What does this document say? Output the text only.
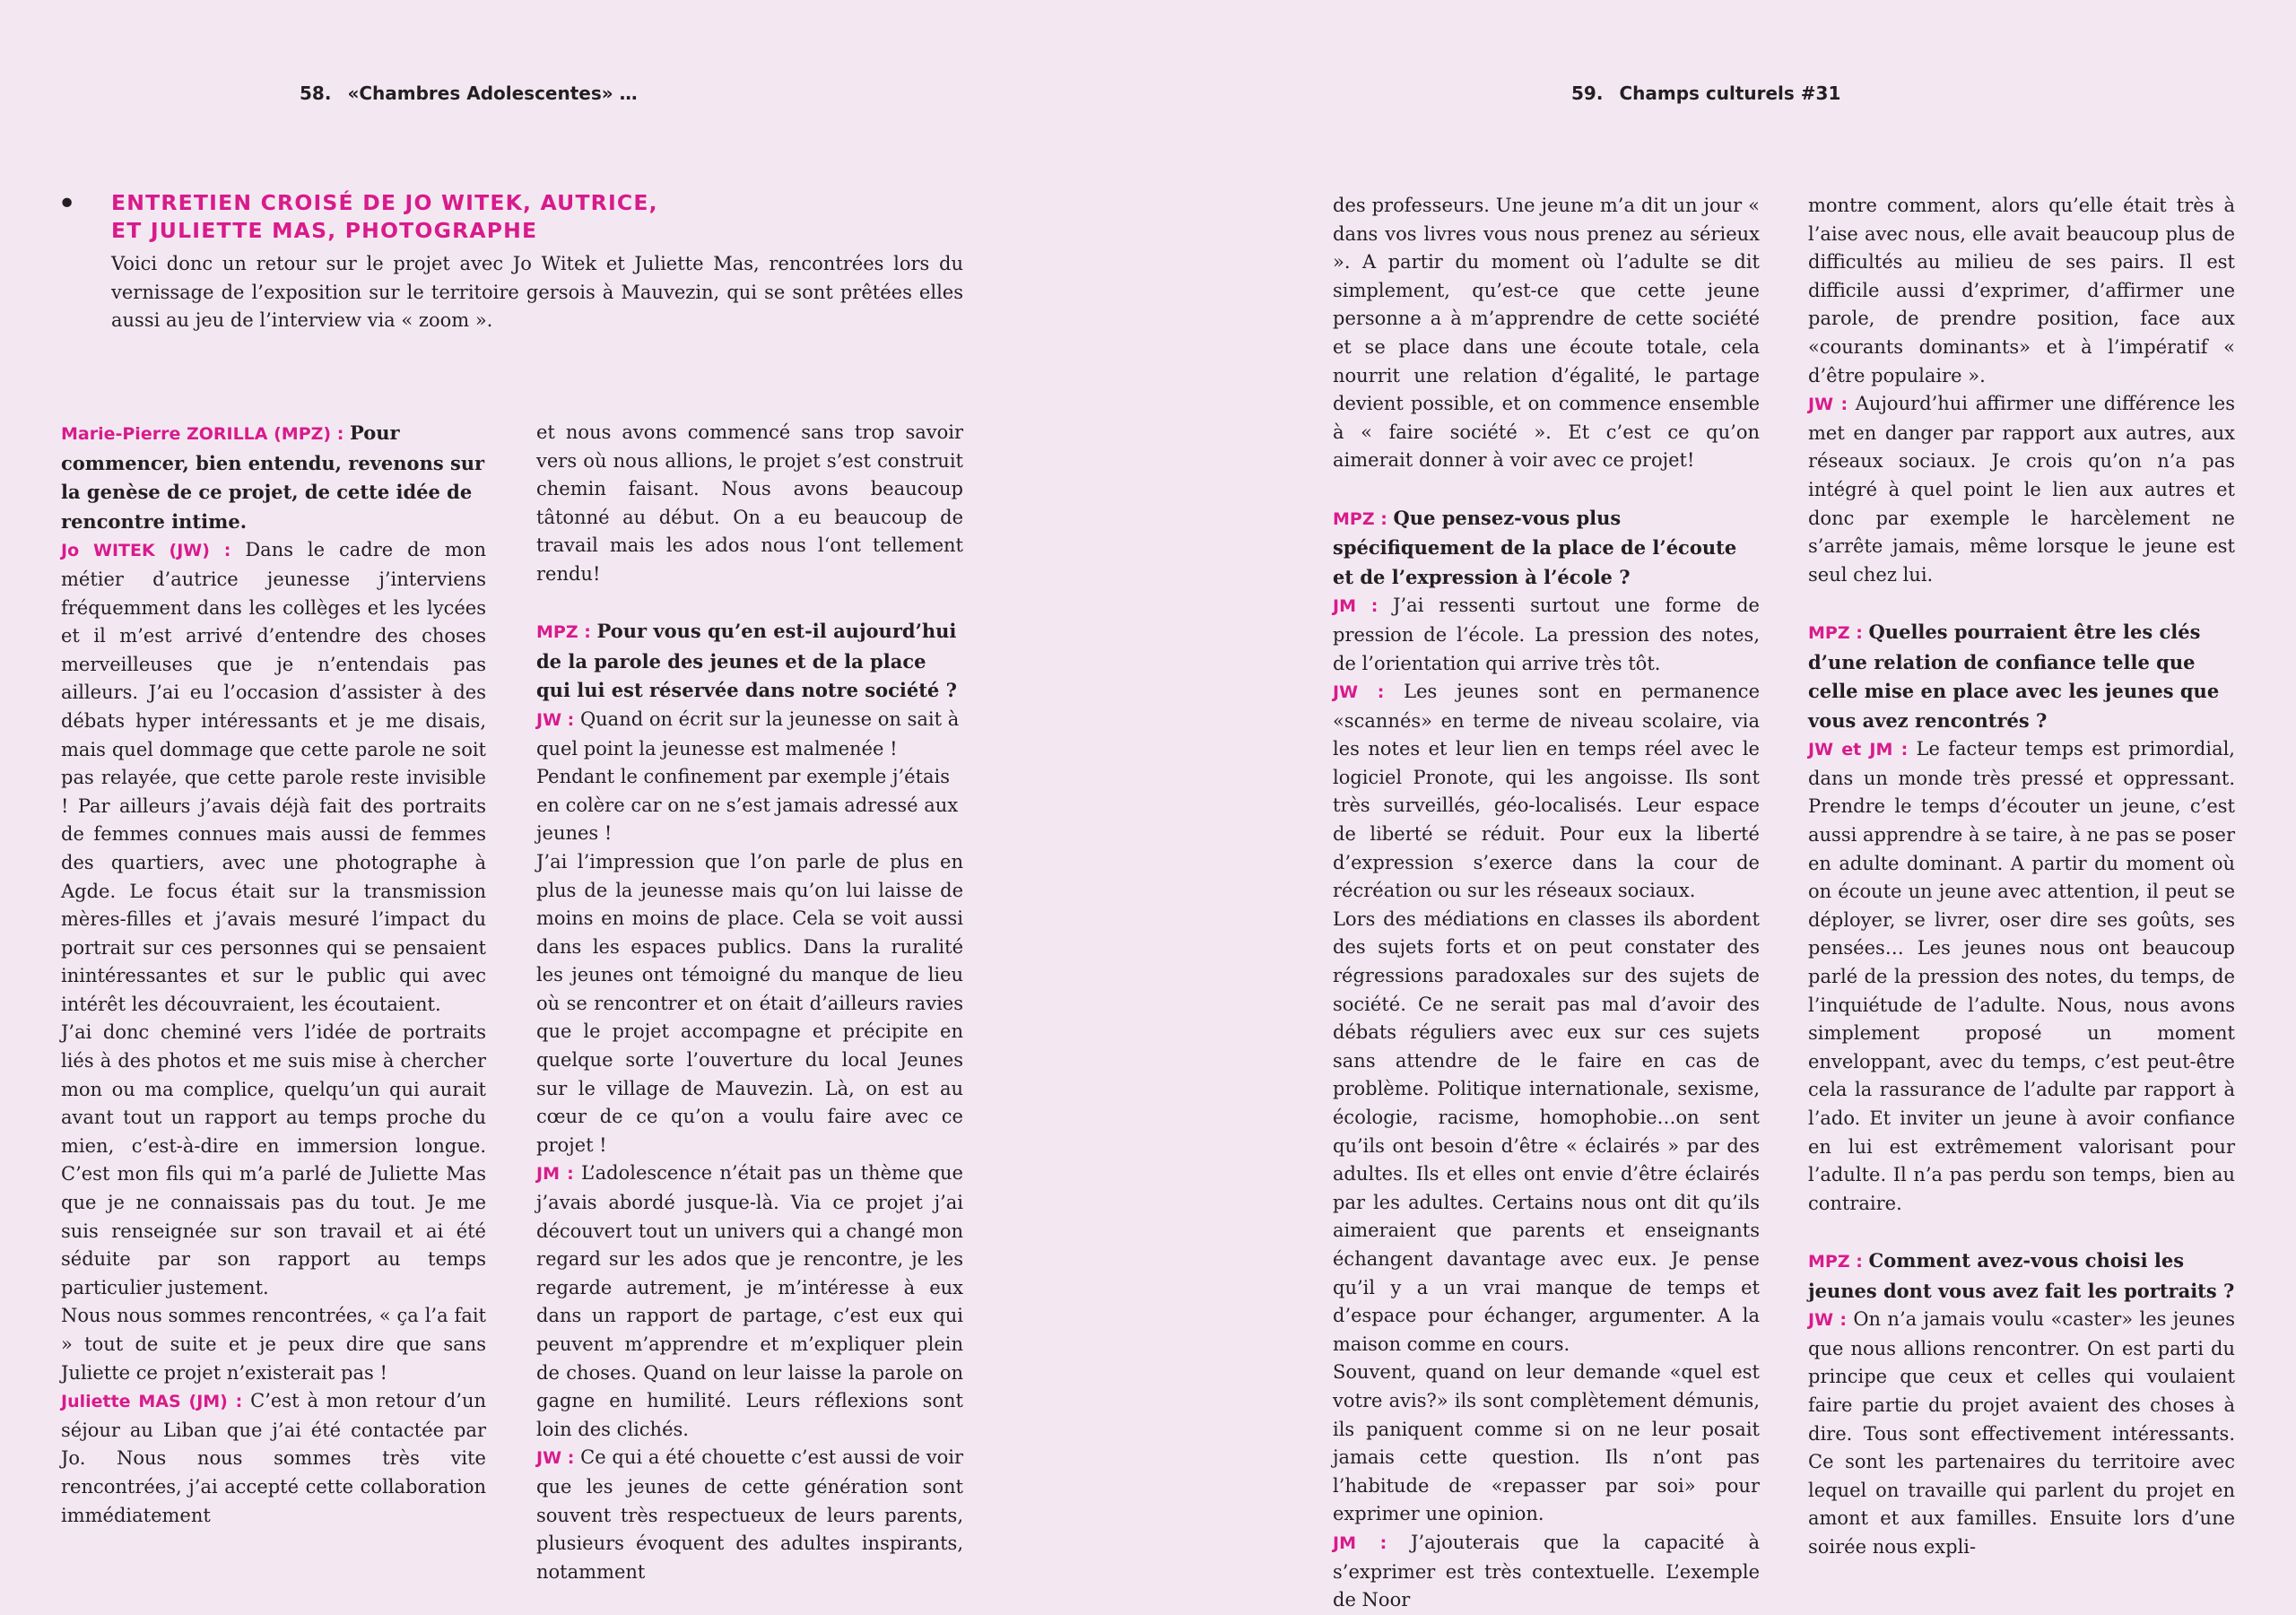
58. «Chambres Adolescentes» …
• ENTRETIEN CROISÉ DE JO WITEK, AUTRICE,
ET JULIETTE MAS, PHOTOGRAPHE
Voici donc un retour sur le projet avec Jo Witek et Juliette Mas, rencontrées lors du vernissage de l’exposition sur le territoire gersois à Mauvezin, qui se sont prêtées elles aussi au jeu de l’interview via « zoom ».

Marie-Pierre ZORILLA (MPZ) : Pour commencer, bien entendu, revenons sur la genèse de ce projet, de cette idée de rencontre intime.

Jo WITEK (JW) : Dans le cadre de mon métier d’autrice jeunesse j’interviens fréquemment dans les collèges et les lycées et il m’est arrivé d’entendre des choses merveilleuses que je n’entendais pas ailleurs. J’ai eu l’occasion d’assister à des débats hyper intéressants et je me disais, mais quel dommage que cette parole ne soit pas relayée, que cette parole reste invisible ! Par ailleurs j’avais déjà fait des portraits de femmes connues mais aussi de femmes des quartiers, avec une photographe à Agde. Le focus était sur la transmission mères-filles et j’avais mesuré l’impact du portrait sur ces personnes qui se pensaient inintéressantes et sur le public qui avec intérêt les découvraient, les écoutaient.

J’ai donc cheminé vers l’idée de portraits liés à des photos et me suis mise à chercher mon ou ma complice, quelqu’un qui aurait avant tout un rapport au temps proche du mien, c’est-à-dire en immersion longue. C’est mon fils qui m’a parlé de Juliette Mas que je ne connaissais pas du tout. Je me suis renseignée sur son travail et ai été séduite par son rapport au temps particulier justement.

Nous nous sommes rencontrées, « ça l’a fait » tout de suite et je peux dire que sans Juliette ce projet n’existerait pas !

Juliette MAS (JM) : C’est à mon retour d’un séjour au Liban que j’ai été contactée par Jo. Nous nous sommes très vite rencontrées, j’ai accepté cette collaboration immédiatement

et nous avons commencé sans trop savoir vers où nous allions, le projet s’est construit chemin faisant. Nous avons beaucoup tâtonné au début. On a eu beaucoup de travail mais les ados nous l‘ont tellement rendu!

MPZ : Pour vous qu’en est-il aujourd’hui de la parole des jeunes et de la place qui lui est réservée dans notre société ?

JW : Quand on écrit sur la jeunesse on sait à quel point la jeunesse est malmenée ! Pendant le confinement par exemple j’étais en colère car on ne s’est jamais adressé aux jeunes !

J’ai l’impression que l’on parle de plus en plus de la jeunesse mais qu’on lui laisse de moins en moins de place. Cela se voit aussi dans les espaces publics. Dans la ruralité les jeunes ont témoigné du manque de lieu où se rencontrer et on était d’ailleurs ravies que le projet accompagne et précipite en quelque sorte l’ouverture du local Jeunes sur le village de Mauvezin. Là, on est au cœur de ce qu’on a voulu faire avec ce projet !

JM : L’adolescence n’était pas un thème que j’avais abordé jusque-là. Via ce projet j’ai découvert tout un univers qui a changé mon regard sur les ados que je rencontre, je les regarde autrement, je m’intéresse à eux dans un rapport de partage, c’est eux qui peuvent m’apprendre et m’expliquer plein de choses. Quand on leur laisse la parole on gagne en humilité. Leurs réflexions sont loin des clichés.

JW : Ce qui a été chouette c’est aussi de voir que les jeunes de cette génération sont souvent très respectueux de leurs parents, plusieurs évoquent des adultes inspirants, notamment

59. Champs culturels #31

des professeurs. Une jeune m’a dit un jour « dans vos livres vous nous prenez au sérieux ». A partir du moment où l’adulte se dit simplement, qu’est-ce que cette jeune personne a à m’apprendre de cette société et se place dans une écoute totale, cela nourrit une relation d’égalité, le partage devient possible, et on commence ensemble à « faire société ». Et c’est ce qu’on aimerait donner à voir avec ce projet!

MPZ : Que pensez-vous plus spécifiquement de la place de l’écoute et de l’expression à l’école ?

JM : J’ai ressenti surtout une forme de pression de l’école. La pression des notes, de l’orientation qui arrive très tôt.

JW : Les jeunes sont en permanence «scannés» en terme de niveau scolaire, via les notes et leur lien en temps réel avec le logiciel Pronote, qui les angoisse. Ils sont très surveillés, géo-localisés. Leur espace de liberté se réduit. Pour eux la liberté d’expression s’exerce dans la cour de récréation ou sur les réseaux sociaux.

Lors des médiations en classes ils abordent des sujets forts et on peut constater des régressions paradoxales sur des sujets de société. Ce ne serait pas mal d’avoir des débats réguliers avec eux sur ces sujets sans attendre de le faire en cas de problème. Politique internationale, sexisme, écologie, racisme, homophobie…on sent qu’ils ont besoin d’être « éclairés » par des adultes. Ils et elles ont envie d’être éclairés par les adultes. Certains nous ont dit qu’ils aimeraient que parents et enseignants échangent davantage avec eux. Je pense qu’il y a un vrai manque de temps et d’espace pour échanger, argumenter. A la maison comme en cours.

Souvent, quand on leur demande «quel est votre avis?» ils sont complètement démunis, ils paniquent comme si on ne leur posait jamais cette question. Ils n’ont pas l’habitude de «repasser par soi» pour exprimer une opinion.

JM : J’ajouterais que la capacité à s’exprimer est très contextuelle. L’exemple de Noor

montre comment, alors qu’elle était très à l’aise avec nous, elle avait beaucoup plus de difficultés au milieu de ses pairs. Il est difficile aussi d’exprimer, d’affirmer une parole, de prendre position, face aux «courants dominants» et à l’impératif « d’être populaire ».

JW : Aujourd’hui affirmer une différence les met en danger par rapport aux autres, aux réseaux sociaux. Je crois qu’on n’a pas intégré à quel point le lien aux autres et donc par exemple le harcèlement ne s’arrête jamais, même lorsque le jeune est seul chez lui.

MPZ : Quelles pourraient être les clés d’une relation de confiance telle que celle mise en place avec les jeunes que vous avez rencontrés ?

JW et JM : Le facteur temps est primordial, dans un monde très pressé et oppressant. Prendre le temps d’écouter un jeune, c’est aussi apprendre à se taire, à ne pas se poser en adulte dominant. A partir du moment où on écoute un jeune avec attention, il peut se déployer, se livrer, oser dire ses goûts, ses pensées… Les jeunes nous ont beaucoup parlé de la pression des notes, du temps, de l’inquiétude de l’adulte. Nous, nous avons simplement proposé un moment enveloppant, avec du temps, c’est peut-être cela la rassurance de l’adulte par rapport à l’ado. Et inviter un jeune à avoir confiance en lui est extrêmement valorisant pour l’adulte. Il n’a pas perdu son temps, bien au contraire.

MPZ : Comment avez-vous choisi les jeunes dont vous avez fait les portraits ?

JW : On n’a jamais voulu «caster» les jeunes que nous allions rencontrer. On est parti du principe que ceux et celles qui voulaient faire partie du projet avaient des choses à dire. Tous sont effectivement intéressants. Ce sont les partenaires du territoire avec lequel on travaille qui parlent du projet en amont et aux familles. Ensuite lors d’une soirée nous expli-
